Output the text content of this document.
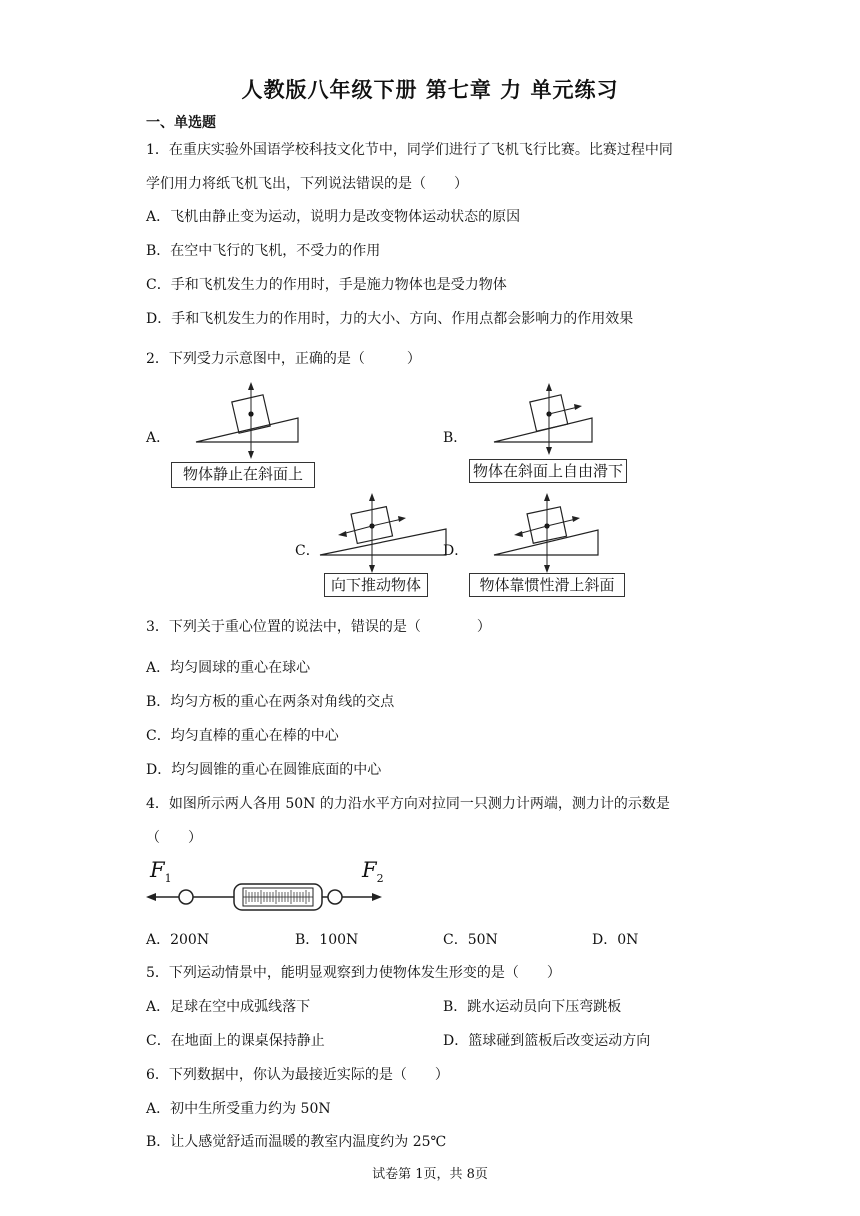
人教版八年级下册 第七章 力 单元练习
一、单选题
1．在重庆实验外国语学校科技文化节中，同学们进行了飞机飞行比赛。比赛过程中同
学们用力将纸飞机飞出，下列说法错误的是（　　）
A．飞机由静止变为运动，说明力是改变物体运动状态的原因
B．在空中飞行的飞机，不受力的作用
C．手和飞机发生力的作用时，手是施力物体也是受力物体
D．手和飞机发生力的作用时，力的大小、方向、作用点都会影响力的作用效果
2．下列受力示意图中，正确的是（　　　）
A．
物体静止在斜面上
B．
物体在斜面上自由滑下
C．
向下推动物体
D．
物体靠惯性滑上斜面
3．下列关于重心位置的说法中，错误的是（　　　　）
A．均匀圆球的重心在球心
B．均匀方板的重心在两条对角线的交点
C．均匀直棒的重心在棒的中心
D．均匀圆锥的重心在圆锥底面的中心
4．如图所示两人各用 50N 的力沿水平方向对拉同一只测力计两端，测力计的示数是
（　　）
$F_1$	$F_2$
A．200N	B．100N	C．50N	D．0N
5．下列运动情景中，能明显观察到力使物体发生形变的是（　　）
A．足球在空中成弧线落下	B．跳水运动员向下压弯跳板
C．在地面上的课桌保持静止	D．篮球碰到篮板后改变运动方向
6．下列数据中，你认为最接近实际的是（　　）
A．初中生所受重力约为 50N
B．让人感觉舒适而温暖的教室内温度约为 25℃
试卷第 1页，共 8页
